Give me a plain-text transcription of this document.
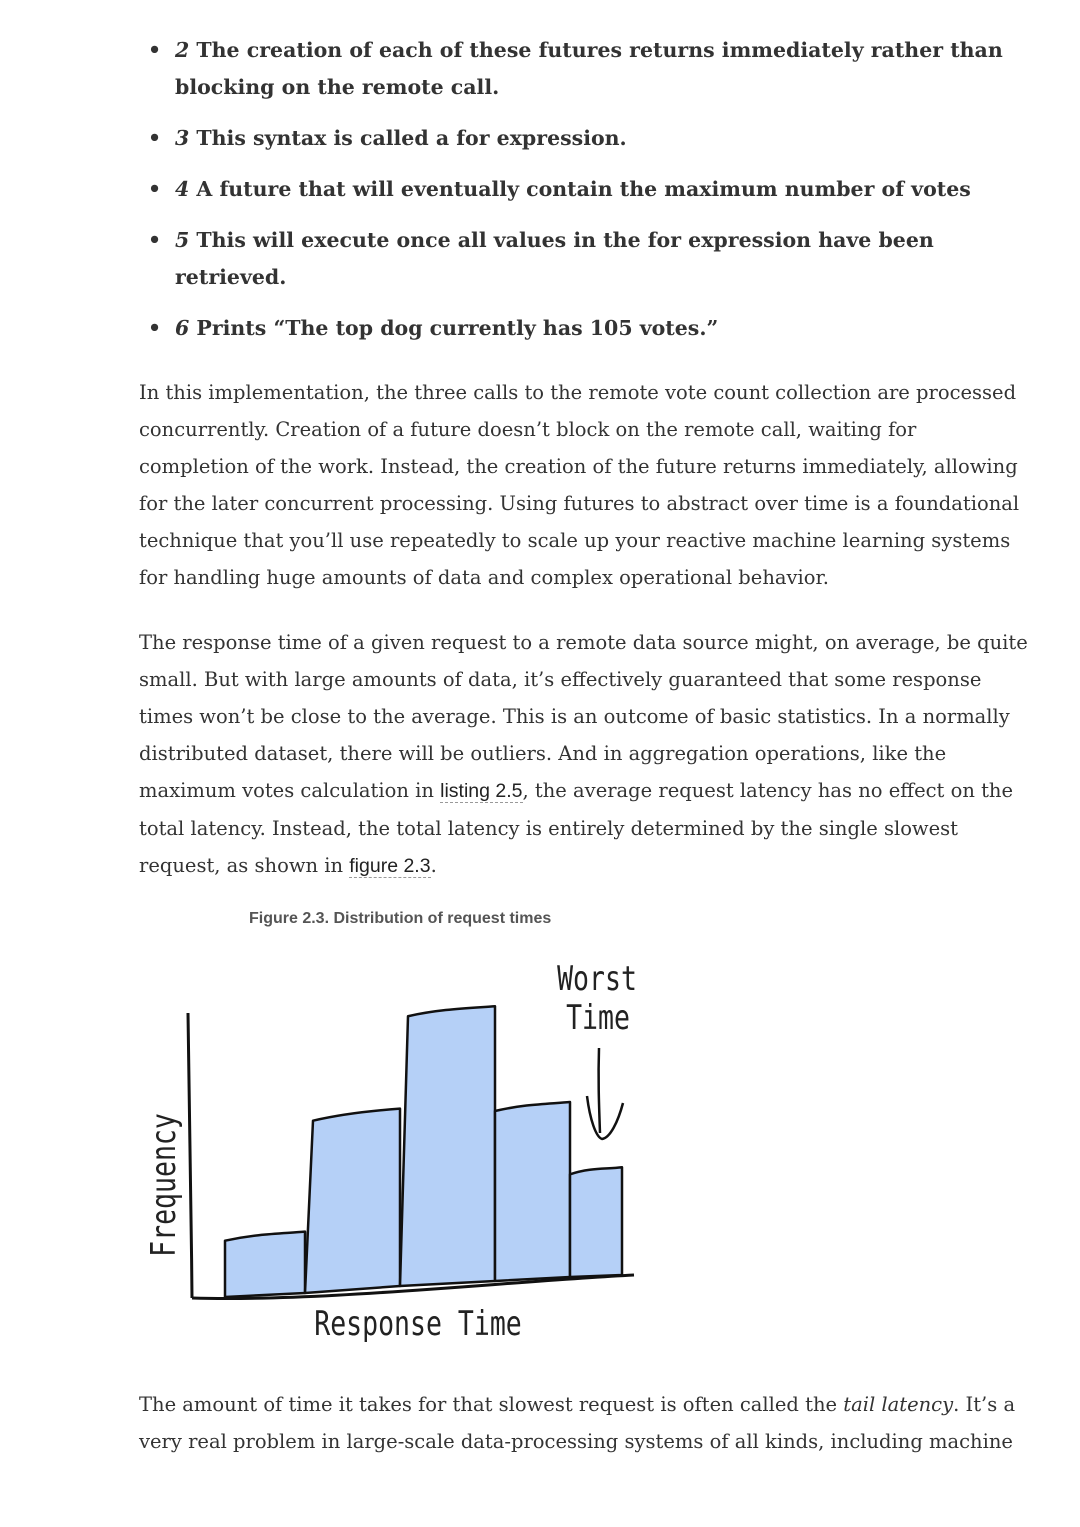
• 2 The creation of each of these futures returns immediately rather than blocking on the remote call.
• 3 This syntax is called a for expression.
• 4 A future that will eventually contain the maximum number of votes
• 5 This will execute once all values in the for expression have been retrieved.
• 6 Prints “The top dog currently has 105 votes.”

In this implementation, the three calls to the remote vote count collection are processed concurrently. Creation of a future doesn’t block on the remote call, waiting for completion of the work. Instead, the creation of the future returns immediately, allowing for the later concurrent processing. Using futures to abstract over time is a foundational technique that you’ll use repeatedly to scale up your reactive machine learning systems for handling huge amounts of data and complex operational behavior.

The response time of a given request to a remote data source might, on average, be quite small. But with large amounts of data, it’s effectively guaranteed that some response times won’t be close to the average. This is an outcome of basic statistics. In a normally distributed dataset, there will be outliers. And in aggregation operations, like the maximum votes calculation in listing 2.5, the average request latency has no effect on the total latency. Instead, the total latency is entirely determined by the single slowest request, as shown in figure 2.3.

Figure 2.3. Distribution of request times
Frequency
Response Time
Worst
Time

The amount of time it takes for that slowest request is often called the tail latency. It’s a very real problem in large-scale data-processing systems of all kinds, including machine
